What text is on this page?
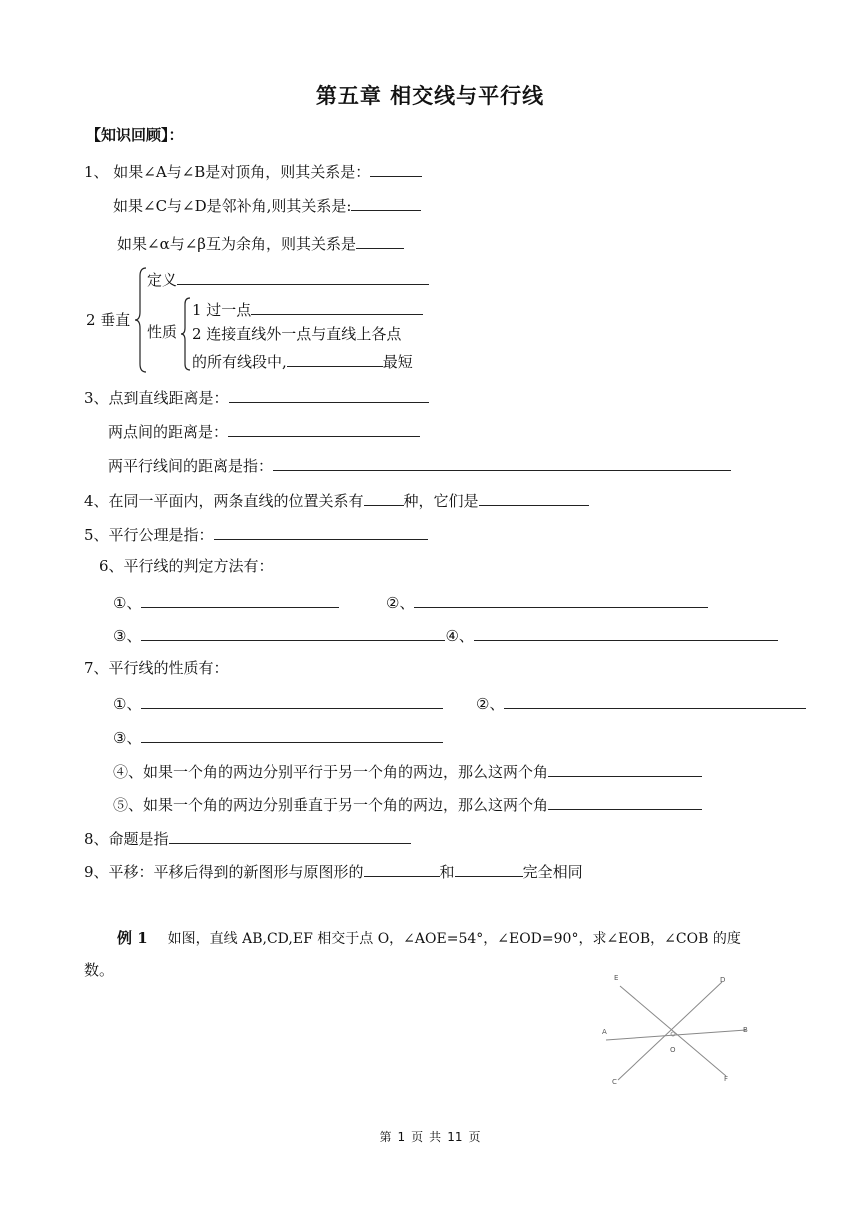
第五章 相交线与平行线
【知识回顾】：
1、 如果∠A与∠B是对顶角，则其关系是：
如果∠C与∠D是邻补角,则其关系是:
如果∠α与∠β互为余角，则其关系是
2 垂直
定义
性质
1 过一点
2 连接直线外一点与直线上各点
的所有线段中,	最短
3、点到直线距离是：
两点间的距离是：
两平行线间的距离是指：
4、在同一平面内，两条直线的位置关系有	种，它们是
5、平行公理是指：
6、平行线的判定方法有：
①、	②、
③、	④、
7、平行线的性质有：
①、	②、
③、
④、如果一个角的两边分别平行于另一个角的两边，那么这两个角
⑤、如果一个角的两边分别垂直于另一个角的两边，那么这两个角
8、命题是指
9、平移：平移后得到的新图形与原图形的	和	完全相同
例 1 如图，直线 AB,CD,EF 相交于点 O，∠AOE=54°，∠EOD=90°，求∠EOB，∠COB 的度
数。	E	D
A	B
O
C	F
第 1 页 共 11 页
